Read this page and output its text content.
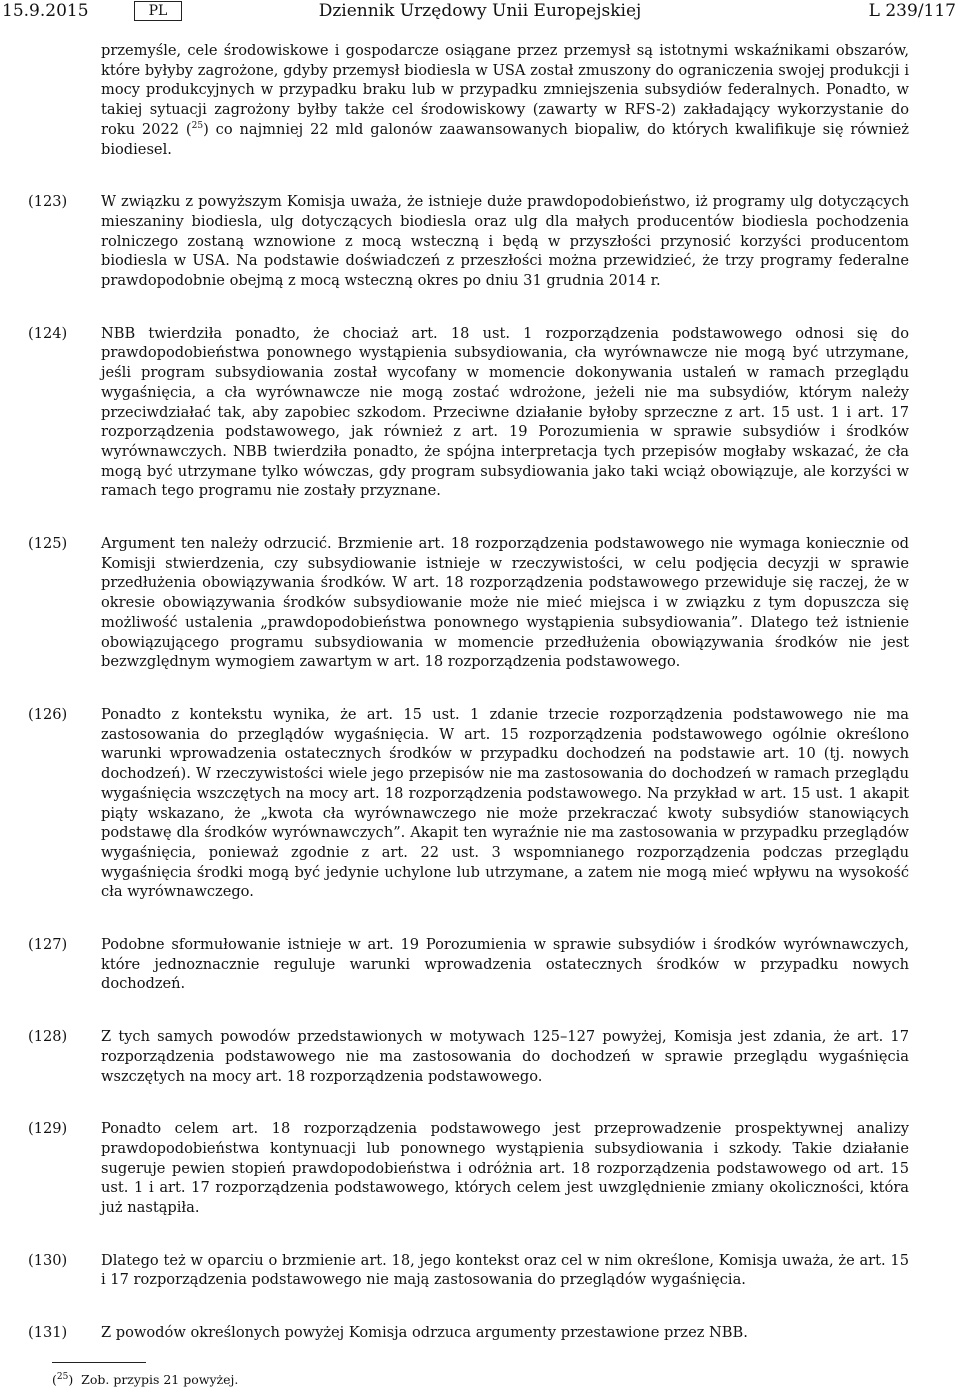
15.9.2015	PL	Dziennik Urzędowy Unii Europejskiej	L 239/117

przemyśle, cele środowiskowe i gospodarcze osiągane przez przemysł są istotnymi wskaźnikami obszarów, które byłyby zagrożone, gdyby przemysł biodiesla w USA został zmuszony do ograniczenia swojej produkcji i mocy produkcyjnych w przypadku braku lub w przypadku zmniejszenia subsydiów federalnych. Ponadto, w takiej sytuacji zagrożony byłby także cel środowiskowy (zawarty w RFS-2) zakładający wykorzystanie do roku 2022 ($^{25}$) co najmniej 22 mld galonów zaawansowanych biopaliw, do których kwalifikuje się również biodiesel.

(123) W związku z powyższym Komisja uważa, że istnieje duże prawdopodobieństwo, iż programy ulg dotyczących mieszaniny biodiesla, ulg dotyczących biodiesla oraz ulg dla małych producentów biodiesla pochodzenia rolniczego zostaną wznowione z mocą wsteczną i będą w przyszłości przynosić korzyści producentom biodiesla w USA. Na podstawie doświadczeń z przeszłości można przewidzieć, że trzy programy federalne prawdopodobnie obejmą z mocą wsteczną okres po dniu 31 grudnia 2014 r.

(124) NBB twierdziła ponadto, że chociaż art. 18 ust. 1 rozporządzenia podstawowego odnosi się do prawdopodobieństwa ponownego wystąpienia subsydiowania, cła wyrównawcze nie mogą być utrzymane, jeśli program subsydiowania został wycofany w momencie dokonywania ustaleń w ramach przeglądu wygaśnięcia, a cła wyrównawcze nie mogą zostać wdrożone, jeżeli nie ma subsydiów, którym należy przeciwdziałać tak, aby zapobiec szkodom. Przeciwne działanie byłoby sprzeczne z art. 15 ust. 1 i art. 17 rozporządzenia podstawowego, jak również z art. 19 Porozumienia w sprawie subsydiów i środków wyrównawczych. NBB twierdziła ponadto, że spójna interpretacja tych przepisów mogłaby wskazać, że cła mogą być utrzymane tylko wówczas, gdy program subsydiowania jako taki wciąż obowiązuje, ale korzyści w ramach tego programu nie zostały przyznane.

(125) Argument ten należy odrzucić. Brzmienie art. 18 rozporządzenia podstawowego nie wymaga koniecznie od Komisji stwierdzenia, czy subsydiowanie istnieje w rzeczywistości, w celu podjęcia decyzji w sprawie przedłużenia obowiązywania środków. W art. 18 rozporządzenia podstawowego przewiduje się raczej, że w okresie obowiązywania środków subsydiowanie może nie mieć miejsca i w związku z tym dopuszcza się możliwość ustalenia „prawdopodobieństwa ponownego wystąpienia subsydiowania”. Dlatego też istnienie obowiązującego programu subsydiowania w momencie przedłużenia obowiązywania środków nie jest bezwzględnym wymogiem zawartym w art. 18 rozporządzenia podstawowego.

(126) Ponadto z kontekstu wynika, że art. 15 ust. 1 zdanie trzecie rozporządzenia podstawowego nie ma zastosowania do przeglądów wygaśnięcia. W art. 15 rozporządzenia podstawowego ogólnie określono warunki wprowadzenia ostatecznych środków w przypadku dochodzeń na podstawie art. 10 (tj. nowych dochodzeń). W rzeczywistości wiele jego przepisów nie ma zastosowania do dochodzeń w ramach przeglądu wygaśnięcia wszczętych na mocy art. 18 rozporządzenia podstawowego. Na przykład w art. 15 ust. 1 akapit piąty wskazano, że „kwota cła wyrównawczego nie może przekraczać kwoty subsydiów stanowiących podstawę dla środków wyrównawczych”. Akapit ten wyraźnie nie ma zastosowania w przypadku przeglądów wygaśnięcia, ponieważ zgodnie z art. 22 ust. 3 wspomnianego rozporządzenia podczas przeglądu wygaśnięcia środki mogą być jedynie uchylone lub utrzymane, a zatem nie mogą mieć wpływu na wysokość cła wyrównawczego.

(127) Podobne sformułowanie istnieje w art. 19 Porozumienia w sprawie subsydiów i środków wyrównawczych, które jednoznacznie reguluje warunki wprowadzenia ostatecznych środków w przypadku nowych dochodzeń.

(128) Z tych samych powodów przedstawionych w motywach 125–127 powyżej, Komisja jest zdania, że art. 17 rozporządzenia podstawowego nie ma zastosowania do dochodzeń w sprawie przeglądu wygaśnięcia wszczętych na mocy art. 18 rozporządzenia podstawowego.

(129) Ponadto celem art. 18 rozporządzenia podstawowego jest przeprowadzenie prospektywnej analizy prawdopodobieństwa kontynuacji lub ponownego wystąpienia subsydiowania i szkody. Takie działanie sugeruje pewien stopień prawdopodobieństwa i odróżnia art. 18 rozporządzenia podstawowego od art. 15 ust. 1 i art. 17 rozporządzenia podstawowego, których celem jest uwzględnienie zmiany okoliczności, która już nastąpiła.

(130) Dlatego też w oparciu o brzmienie art. 18, jego kontekst oraz cel w nim określone, Komisja uważa, że art. 15 i 17 rozporządzenia podstawowego nie mają zastosowania do przeglądów wygaśnięcia.

(131) Z powodów określonych powyżej Komisja odrzuca argumenty przestawione przez NBB.

($^{25}$)  Zob. przypis 21 powyżej.
